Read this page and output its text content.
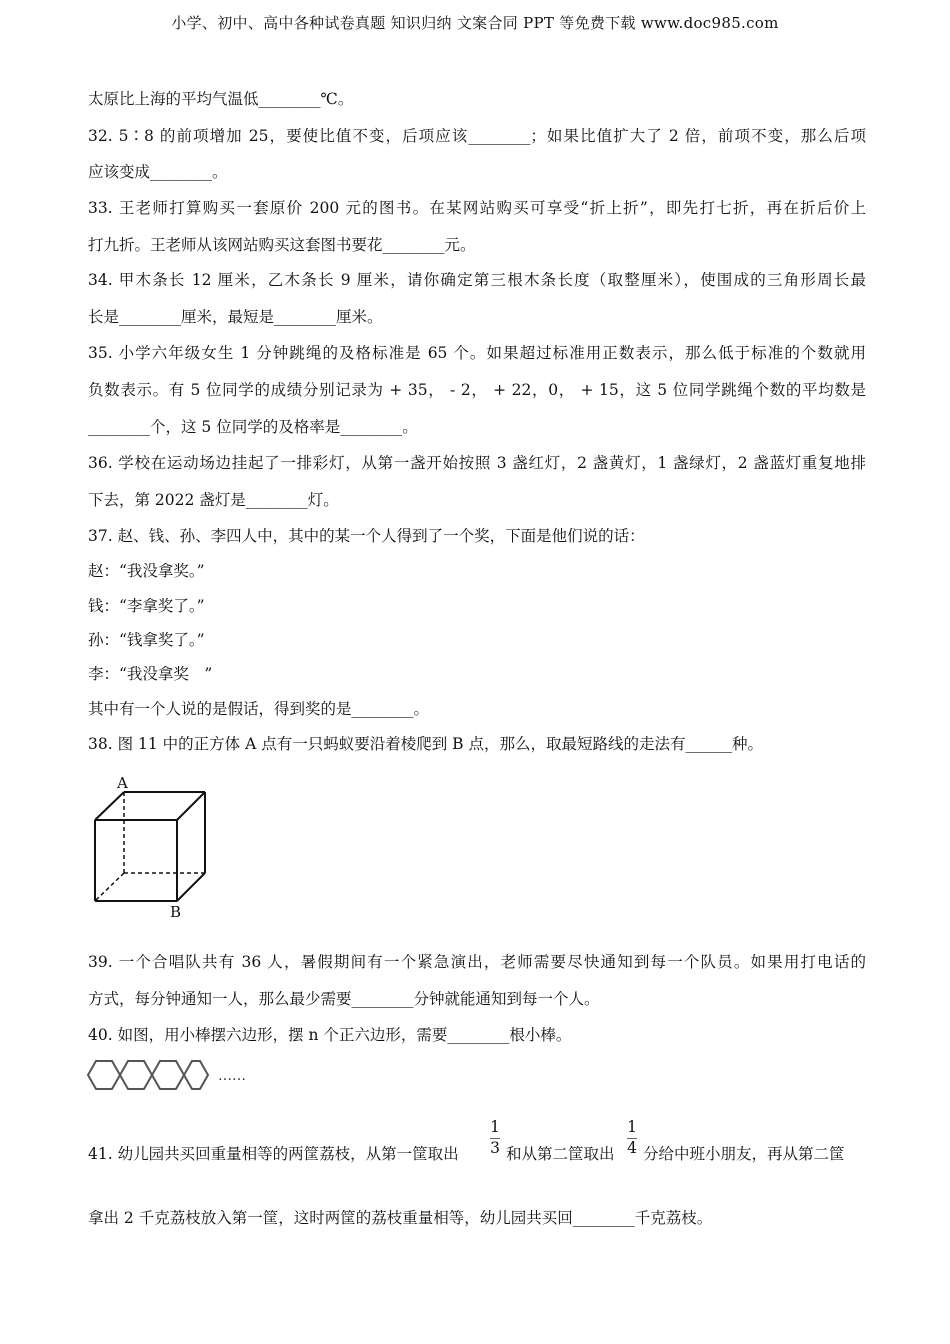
小学、初中、高中各种试卷真题 知识归纳 文案合同 PPT 等免费下载 www.doc985.com
太原比上海的平均气温低________℃。
32. 5∶8 的前项增加 25，要使比值不变，后项应该________；如果比值扩大了 2 倍，前项不变，那么后项
应该变成________。
33. 王老师打算购买一套原价 200 元的图书。在某网站购买可享受“折上折”，即先打七折，再在折后价上
打九折。王老师从该网站购买这套图书要花________元。
34. 甲木条长 12 厘米，乙木条长 9 厘米，请你确定第三根木条长度（取整厘米），使围成的三角形周长最
长是________厘米，最短是________厘米。
35. 小学六年级女生 1 分钟跳绳的及格标准是 65 个。如果超过标准用正数表示，那么低于标准的个数就用
负数表示。有 5 位同学的成绩分别记录为 + 35， - 2， + 22，0， + 15，这 5 位同学跳绳个数的平均数是
________个，这 5 位同学的及格率是________。
36. 学校在运动场边挂起了一排彩灯，从第一盏开始按照 3 盏红灯，2 盏黄灯，1 盏绿灯，2 盏蓝灯重复地排
下去，第 2022 盏灯是________灯。
37. 赵、钱、孙、李四人中，其中的某一个人得到了一个奖，下面是他们说的话：
赵：“我没拿奖。”
钱：“李拿奖了。”
孙：“钱拿奖了。”
李：“我没拿奖　”
其中有一个人说的是假话，得到奖的是________。
38. 图 11 中的正方体 A 点有一只蚂蚁要沿着棱爬到 B 点，那么，取最短路线的走法有______种。
A
B
39. 一个合唱队共有 36 人，暑假期间有一个紧急演出，老师需要尽快通知到每一个队员。如果用打电话的
方式，每分钟通知一人，那么最少需要________分钟就能通知到每一个人。
40. 如图，用小棒摆六边形，摆 n 个正六边形，需要________根小棒。
……
41. 幼儿园共买回重量相等的两筐荔枝，从第一筐取出
1
3 和从第二筐取出
1
4 分给中班小朋友，再从第二筐
拿出 2 千克荔枝放入第一筐，这时两筐的荔枝重量相等，幼儿园共买回________千克荔枝。
